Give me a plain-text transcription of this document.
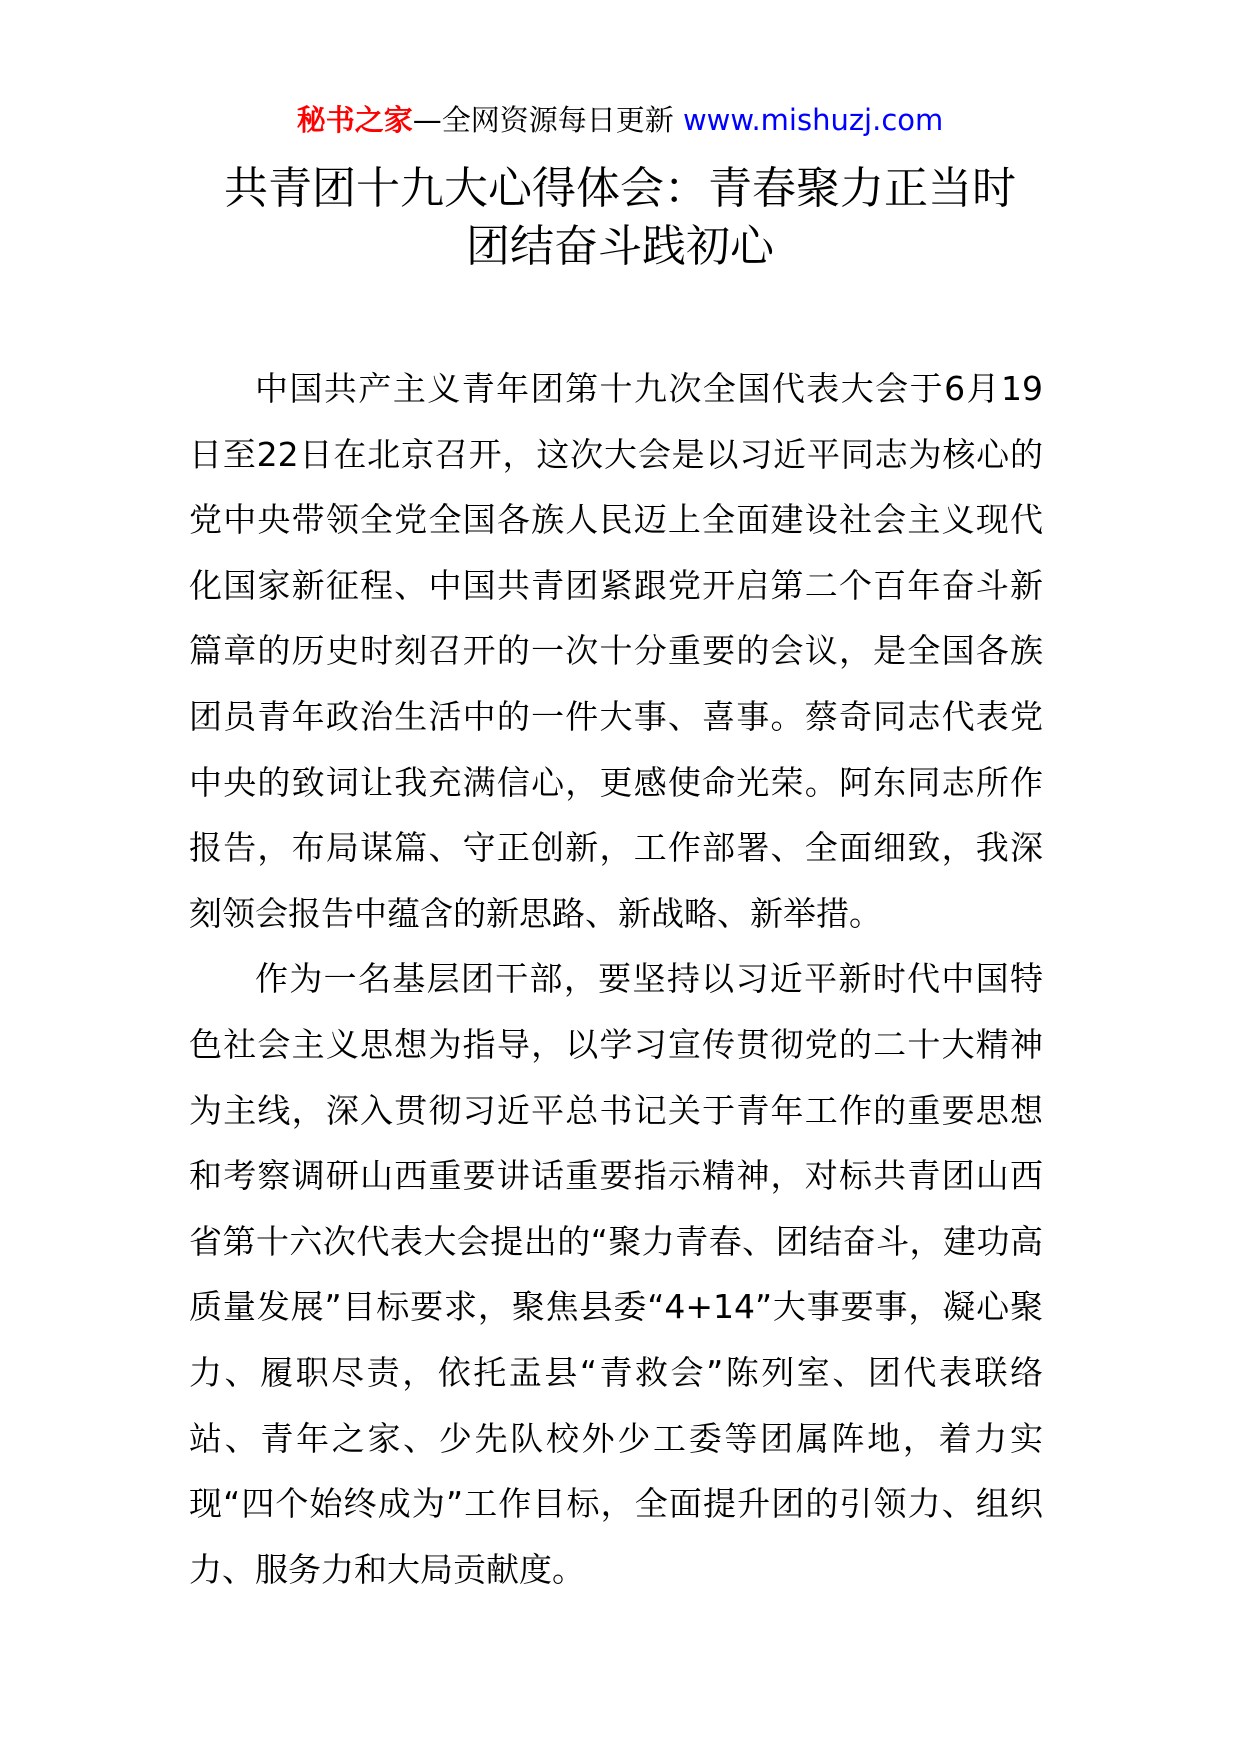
秘书之家—全网资源每日更新 www.mishuzj.com
共青团十九大心得体会：青春聚力正当时
团结奋斗践初心

中国共产主义青年团第十九次全国代表大会于6月19日至22日在北京召开，这次大会是以习近平同志为核心的党中央带领全党全国各族人民迈上全面建设社会主义现代化国家新征程、中国共青团紧跟党开启第二个百年奋斗新篇章的历史时刻召开的一次十分重要的会议，是全国各族团员青年政治生活中的一件大事、喜事。蔡奇同志代表党中央的致词让我充满信心，更感使命光荣。阿东同志所作报告，布局谋篇、守正创新，工作部署、全面细致，我深刻领会报告中蕴含的新思路、新战略、新举措。

作为一名基层团干部，要坚持以习近平新时代中国特色社会主义思想为指导，以学习宣传贯彻党的二十大精神为主线，深入贯彻习近平总书记关于青年工作的重要思想和考察调研山西重要讲话重要指示精神，对标共青团山西省第十六次代表大会提出的“聚力青春、团结奋斗，建功高质量发展”目标要求，聚焦县委“4+14”大事要事，凝心聚力、履职尽责，依托盂县“青救会”陈列室、团代表联络站、青年之家、少先队校外少工委等团属阵地，着力实现“四个始终成为”工作目标，全面提升团的引领力、组织力、服务力和大局贡献度。
